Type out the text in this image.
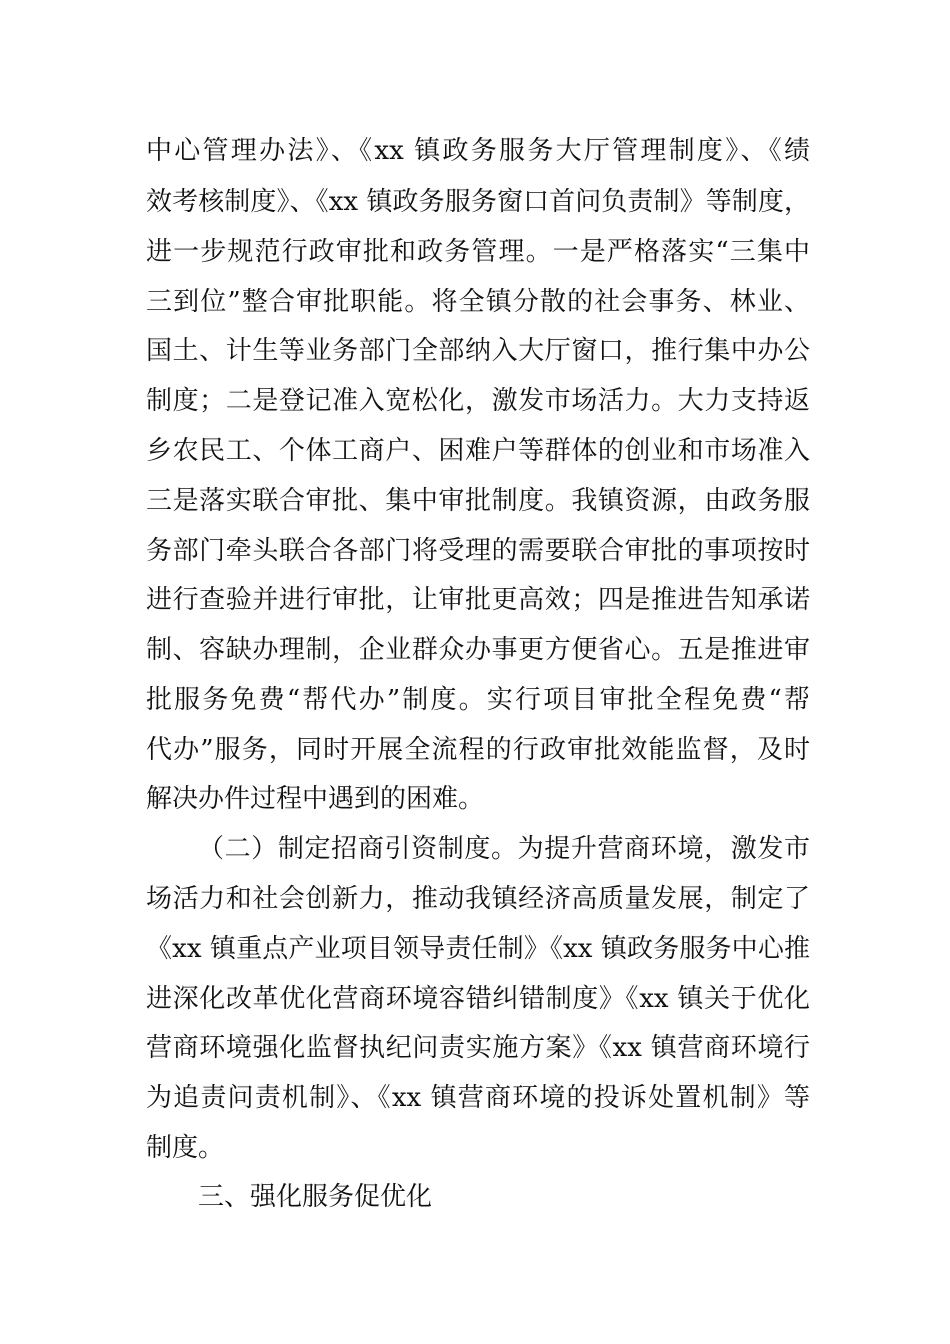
中心管理办法》、《xx 镇政务服务大厅管理制度》、《绩
效考核制度》、《xx 镇政务服务窗口首问负责制》等制度，
进一步规范行政审批和政务管理。一是严格落实“三集中
三到位”整合审批职能。将全镇分散的社会事务、林业、
国土、计生等业务部门全部纳入大厅窗口，推行集中办公
制度；二是登记准入宽松化，激发市场活力。大力支持返
乡农民工、个体工商户、困难户等群体的创业和市场准入
三是落实联合审批、集中审批制度。我镇资源，由政务服
务部门牵头联合各部门将受理的需要联合审批的事项按时
进行查验并进行审批，让审批更高效；四是推进告知承诺
制、容缺办理制，企业群众办事更方便省心。五是推进审
批服务免费“帮代办”制度。实行项目审批全程免费“帮
代办”服务，同时开展全流程的行政审批效能监督，及时
解决办件过程中遇到的困难。
（二）制定招商引资制度。为提升营商环境，激发市
场活力和社会创新力，推动我镇经济高质量发展，制定了
《xx 镇重点产业项目领导责任制》《xx 镇政务服务中心推
进深化改革优化营商环境容错纠错制度》《xx 镇关于优化
营商环境强化监督执纪问责实施方案》《xx 镇营商环境行
为追责问责机制》、《xx 镇营商环境的投诉处置机制》等
制度。
三、强化服务促优化
